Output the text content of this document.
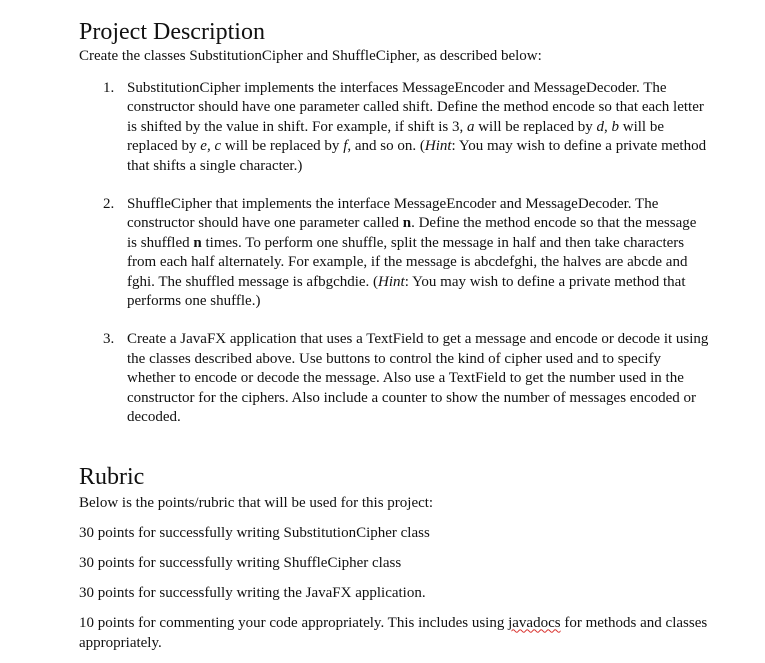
Project Description

Create the classes SubstitutionCipher and ShuffleCipher, as described below:

1. SubstitutionCipher implements the interfaces MessageEncoder and MessageDecoder. The constructor should have one parameter called shift. Define the method encode so that each letter is shifted by the value in shift. For example, if shift is 3, a will be replaced by d, b will be replaced by e, c will be replaced by f, and so on. (Hint: You may wish to define a private method that shifts a single character.)
2. ShuffleCipher that implements the interface MessageEncoder and MessageDecoder. The constructor should have one parameter called n. Define the method encode so that the message is shuffled n times. To perform one shuffle, split the message in half and then take characters from each half alternately. For example, if the message is abcdefghi, the halves are abcde and fghi. The shuffled message is afbgchdie. (Hint: You may wish to define a private method that performs one shuffle.)
3. Create a JavaFX application that uses a TextField to get a message and encode or decode it using the classes described above. Use buttons to control the kind of cipher used and to specify whether to encode or decode the message. Also use a TextField to get the number used in the constructor for the ciphers. Also include a counter to show the number of messages encoded or decoded.
Rubric

Below is the points/rubric that will be used for this project:

30 points for successfully writing SubstitutionCipher class

30 points for successfully writing ShuffleCipher class

30 points for successfully writing the JavaFX application.

10 points for commenting your code appropriately. This includes using javadocs for methods and classes appropriately.
